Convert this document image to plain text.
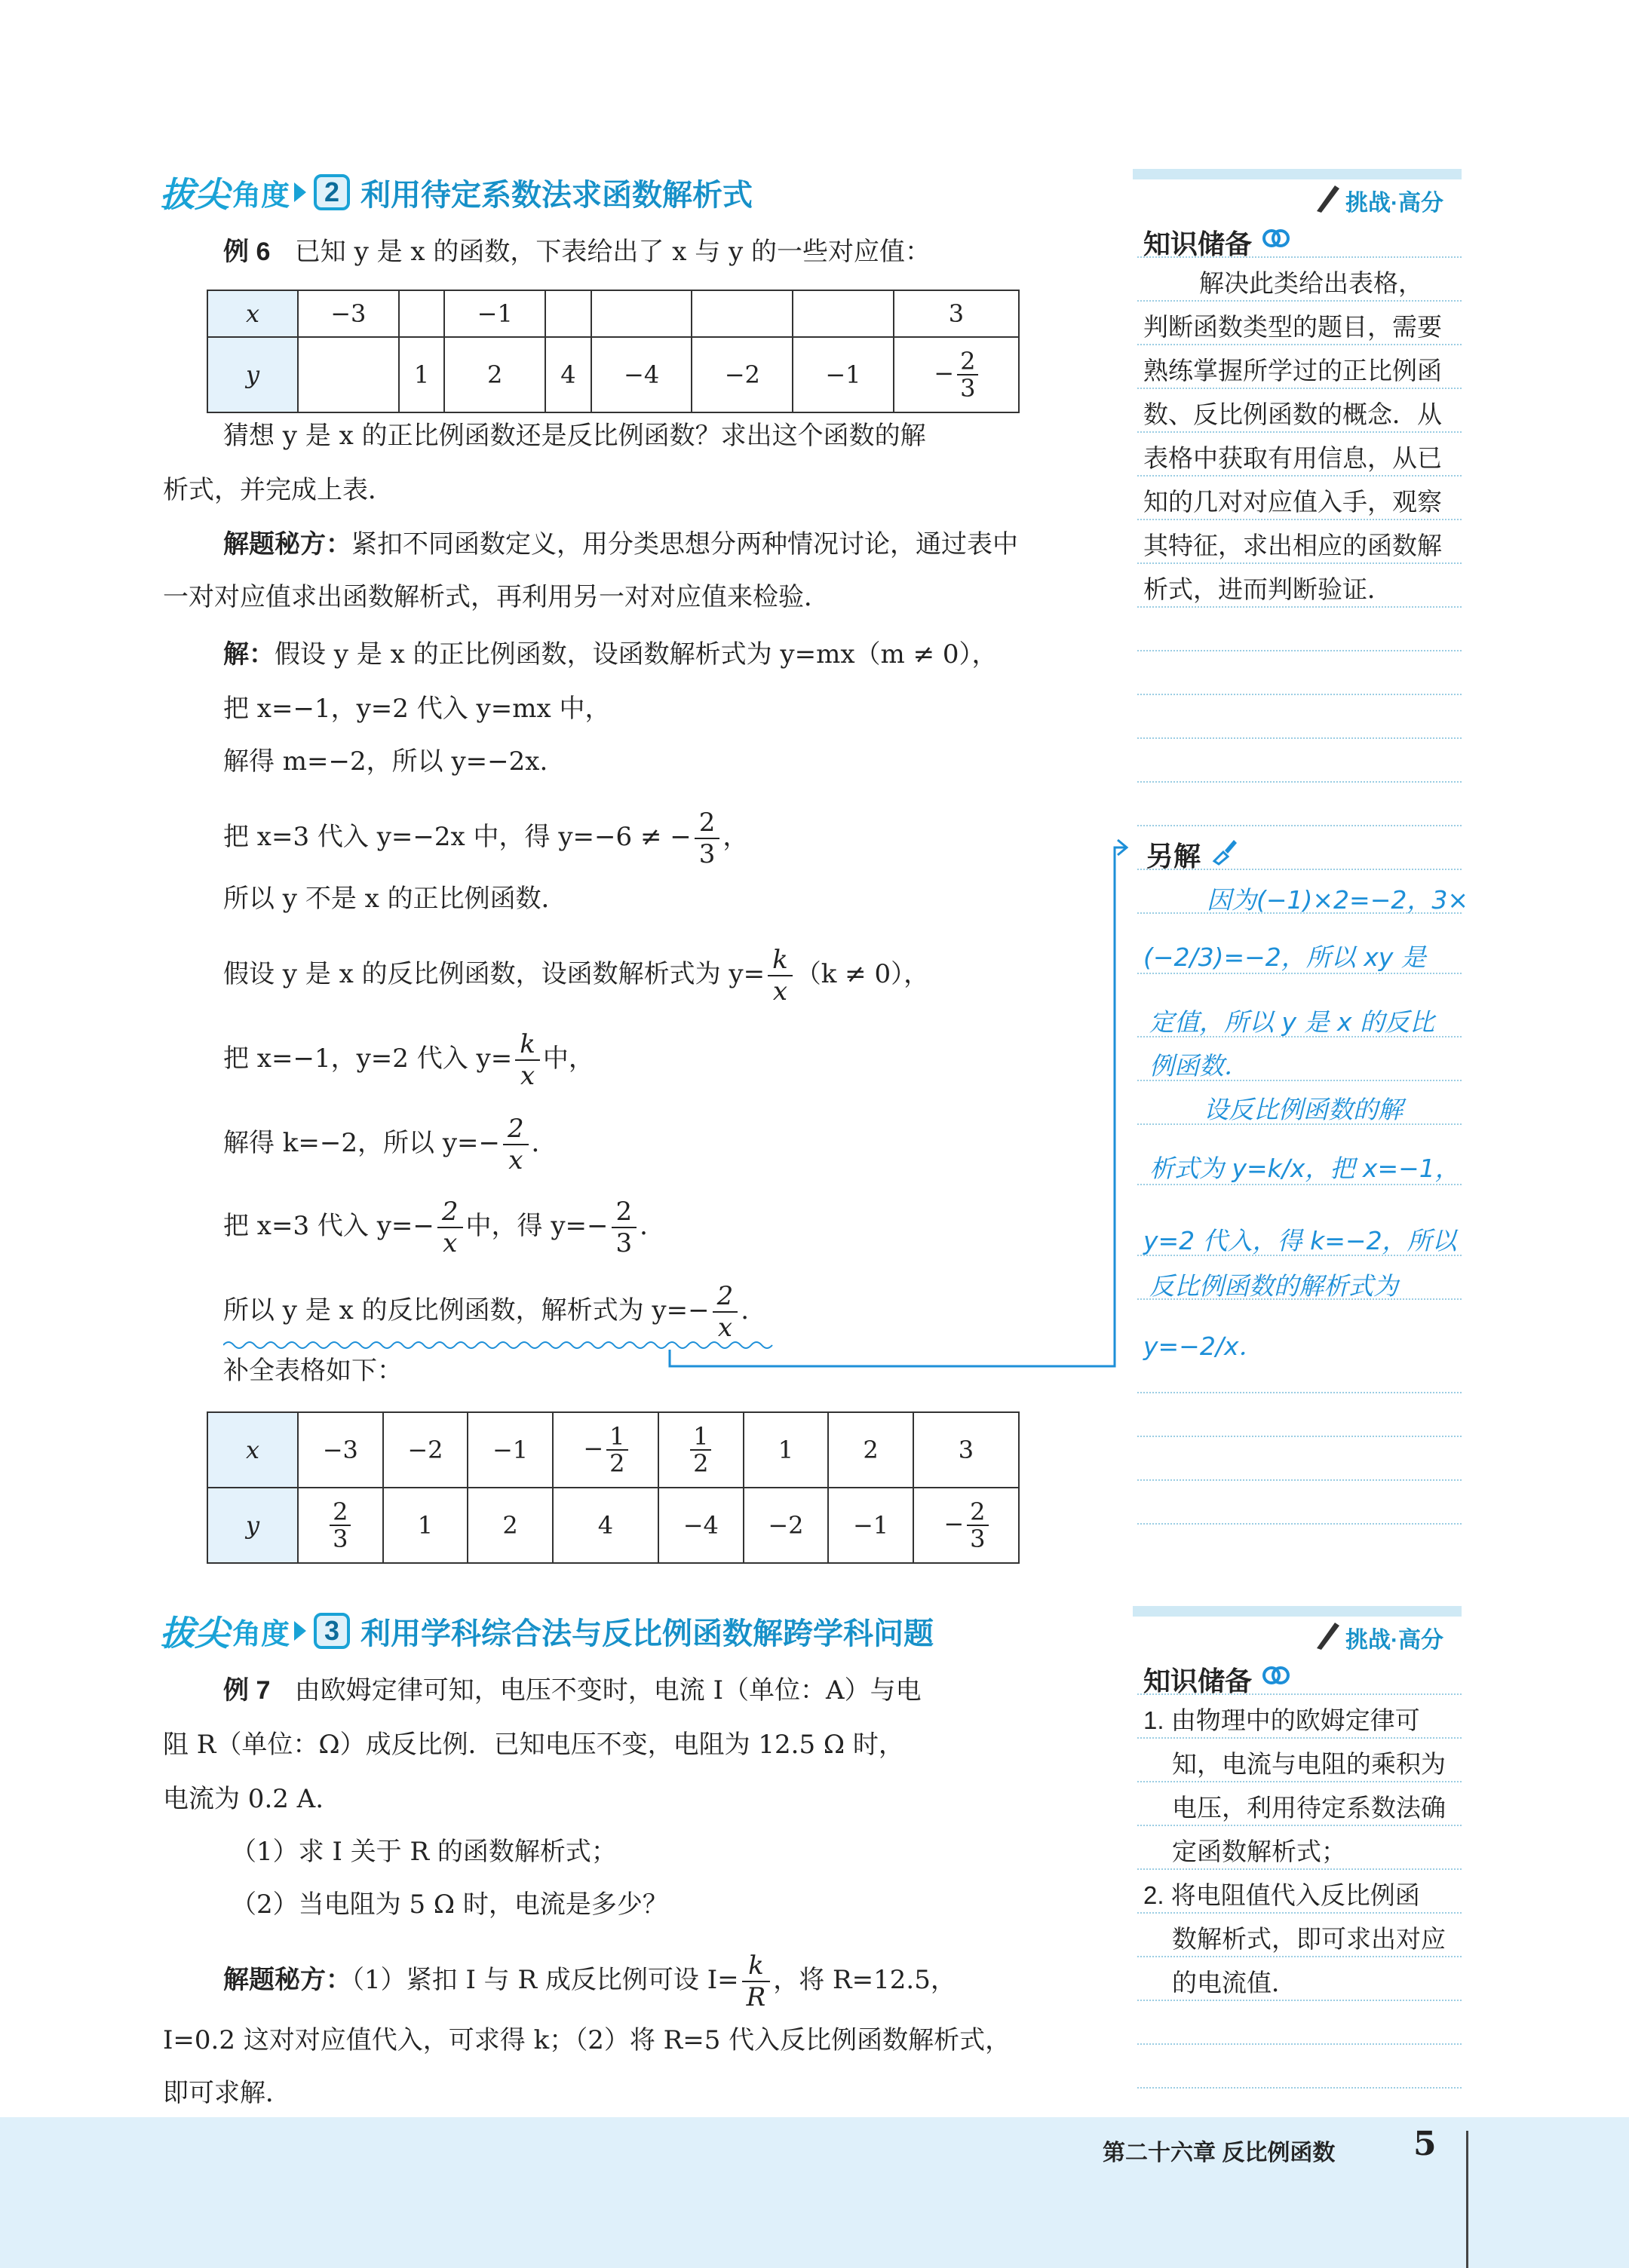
拔尖 角度	2 利用待定系数法求函数解析式
例 6 已知 y 是 x 的函数，下表给出了 x 与 y 的一些对应值：
x	−3		−1					3
y		1	2	4	−4	−2	−1	− $\frac{2}{3}$
猜想 y 是 x 的正比例函数还是反比例函数？求出这个函数的解
析式，并完成上表．
解题秘方：紧扣不同函数定义，用分类思想分两种情况讨论，通过表中
一对对应值求出函数解析式，再利用另一对对应值来检验．
解：假设 y 是 x 的正比例函数，设函数解析式为 y=mx（m ≠ 0），
把 x=−1，y=2 代入 y=mx 中，
解得 m=−2，所以 y=−2x.
把 x=3 代入 y=−2x 中，得 y=−6 ≠ − $\frac{2}{3}$ ，
所以 y 不是 x 的正比例函数．
假设 y 是 x 的反比例函数，设函数解析式为 $y= \frac{k}{x} (k \ne 0)$，
把 x=−1，y=2 代入 $y= \frac{k}{x}$ 中，
解得 k=−2，所以 $y=- \frac{2}{x}$ ．
把 x=3 代入 $y=- \frac{2}{x}$ 中，得 $y=- \frac{2}{3}$ ．
所以 y 是 x 的反比例函数，解析式为 $y=- \frac{2}{x}$ .
补全表格如下：
x	−3	−2	−1	− $\frac{1}{2}$	$\frac{1}{2}$	1	2	3
y	$\frac{2}{3}$	1	2	4	−4	−2	−1	− $\frac{2}{3}$
挑战·高分
知识储备
解决此类给出表格，
判断函数类型的题目，需要
熟练掌握所学过的正比例函
数、反比例函数的概念．从
表格中获取有用信息，从已
知的几对对应值入手，观察
其特征，求出相应的函数解
析式，进而判断验证．
另解
因为(−1)×2=−2，3×
(−2/3)=−2，所以 xy 是
定值，所以 y 是 x 的反比
例函数．
设反比例函数的解
析式为 y=k/x，把 x=−1，
y=2 代入，得 k=−2，所以
反比例函数的解析式为
y=−2/x．
拔尖 角度	3 利用学科综合法与反比例函数解跨学科问题
例 7 由欧姆定律可知，电压不变时，电流 I（单位：A）与电
阻 R（单位：Ω）成反比例．已知电压不变，电阻为 12.5 Ω 时，
电流为 0.2 A.
（1）求 I 关于 R 的函数解析式；
（2）当电阻为 5 Ω 时，电流是多少？
解题秘方：（1）紧扣 I 与 R 成反比例可设 $I= \frac{k}{R}$ ，将 R=12.5，
I=0.2 这对对应值代入，可求得 k；（2）将 R=5 代入反比例函数解析式，
即可求解．
挑战·高分
知识储备
1. 由物理中的欧姆定律可
知，电流与电阻的乘积为
电压，利用待定系数法确
定函数解析式；
2. 将电阻值代入反比例函
数解析式，即可求出对应
的电流值．
第二十六章 反比例函数 5
